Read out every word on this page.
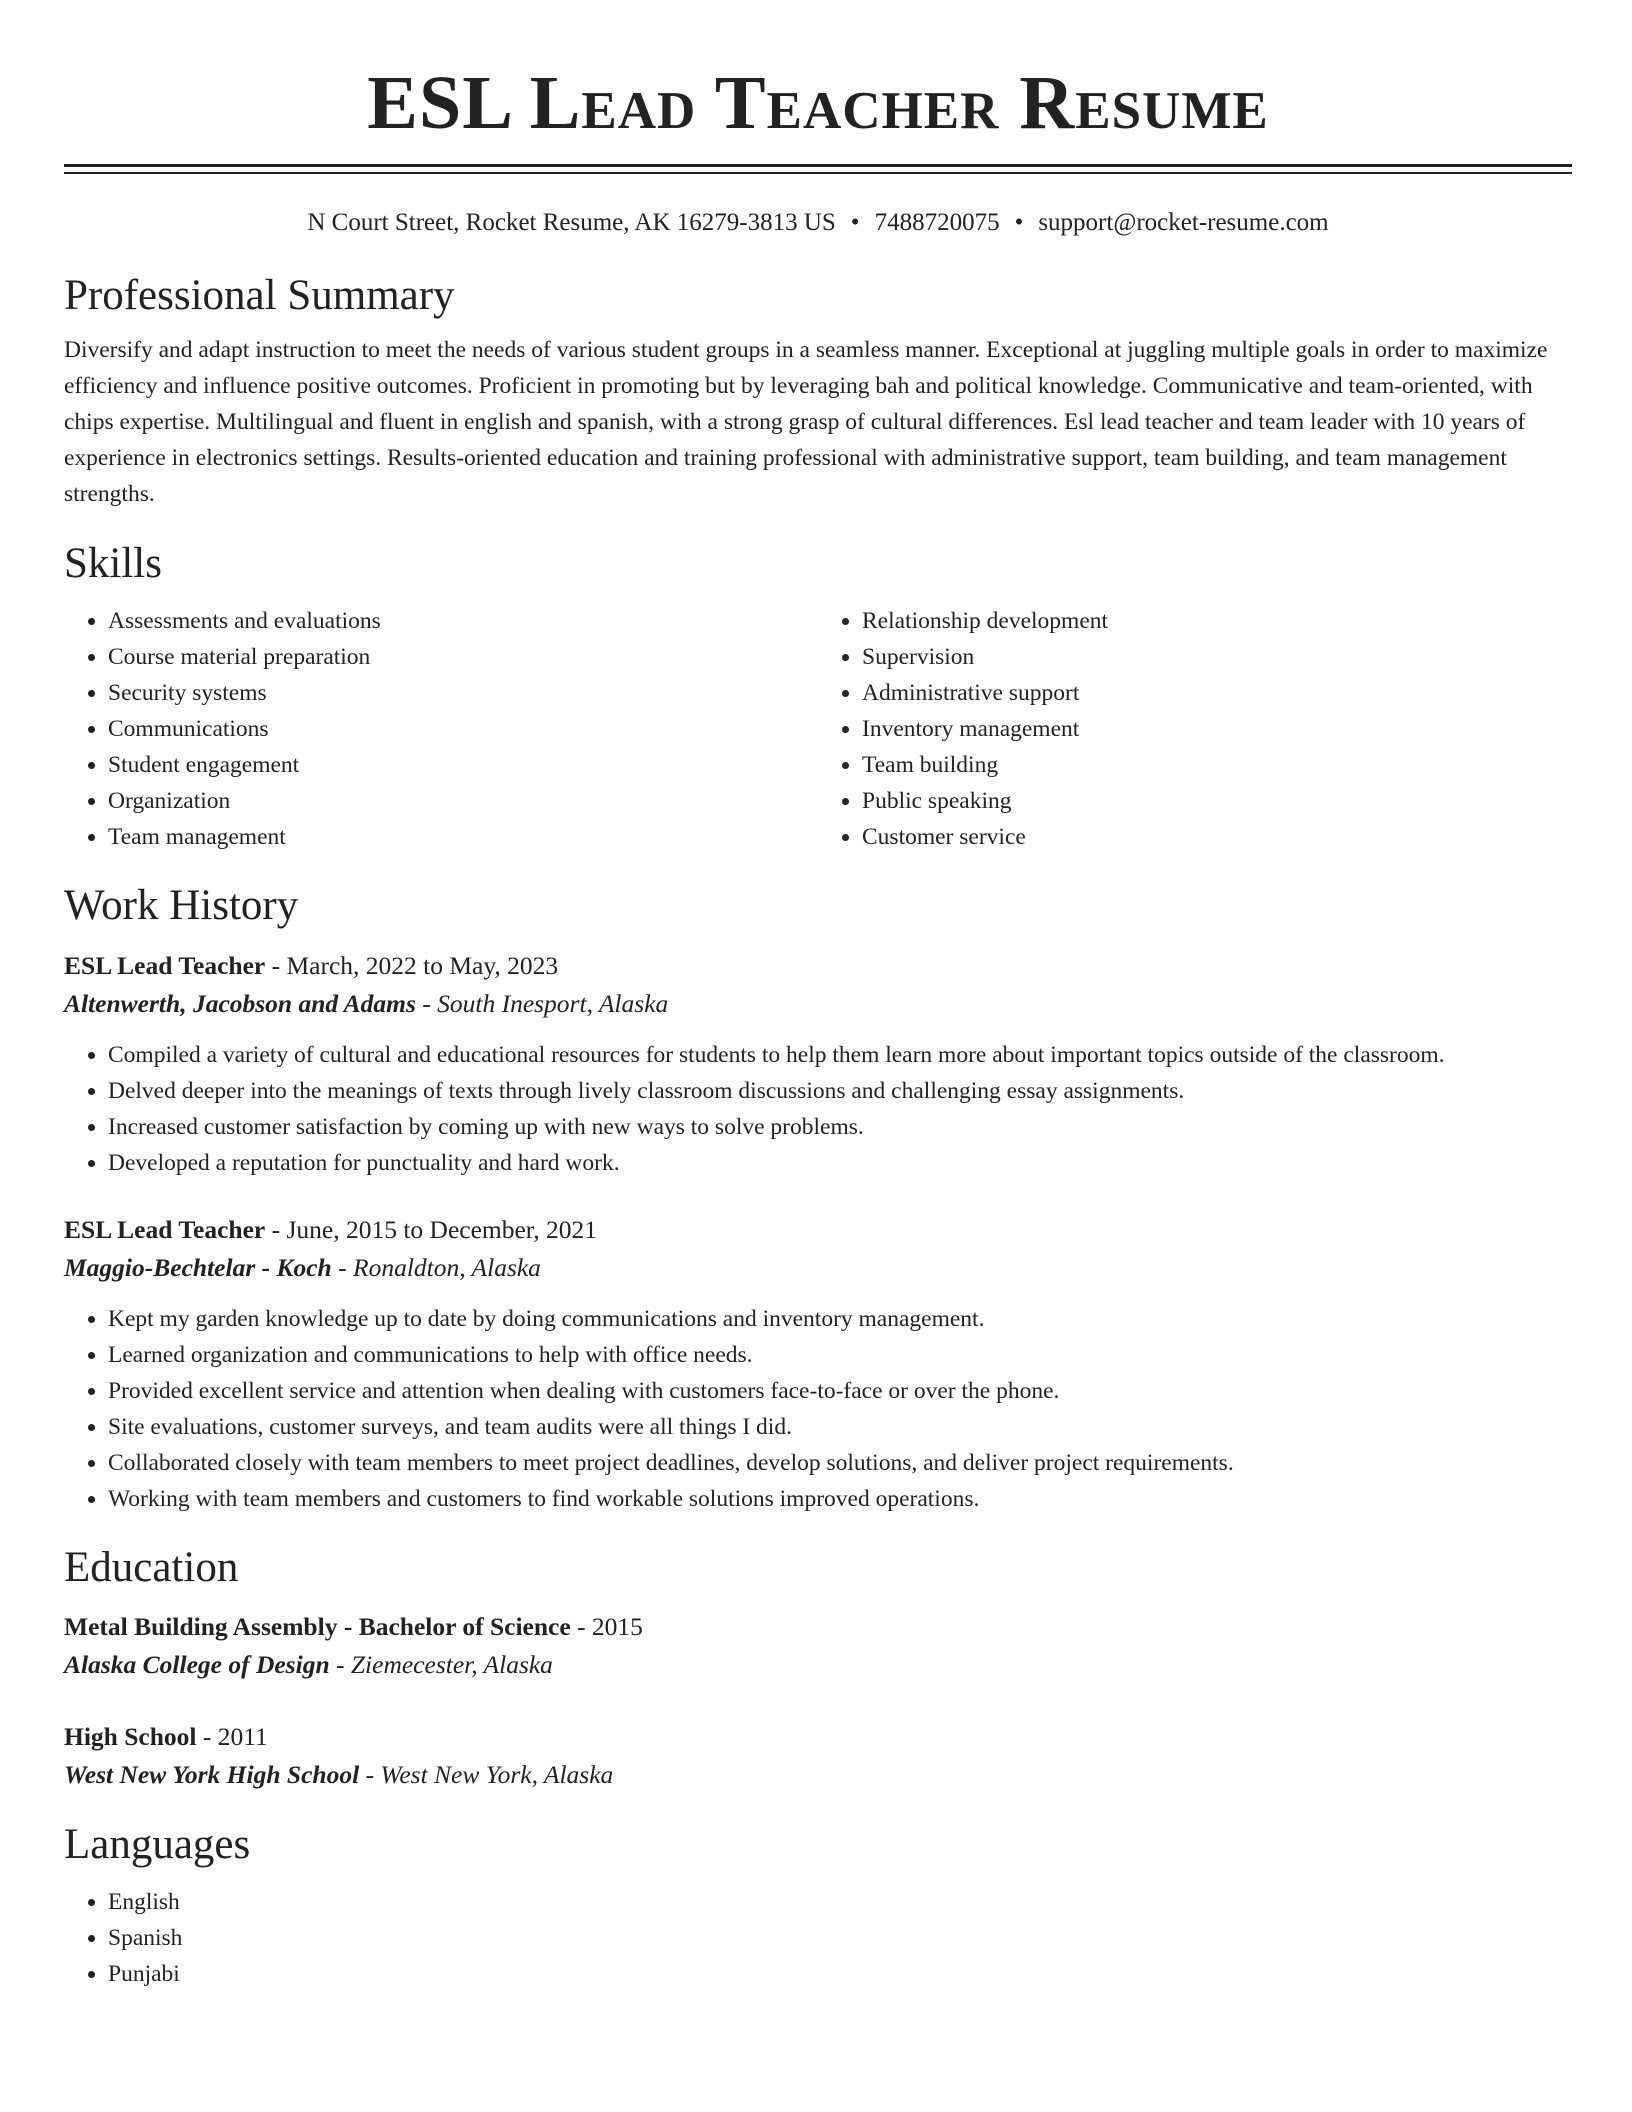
ESL Lead Teacher Resume
N Court Street, Rocket Resume, AK 16279-3813 US • 7488720075 • support@rocket-resume.com
Professional Summary

Diversify and adapt instruction to meet the needs of various student groups in a seamless manner. Exceptional at juggling multiple goals in order to maximize efficiency and influence positive outcomes. Proficient in promoting but by leveraging bah and political knowledge. Communicative and team-oriented, with chips expertise. Multilingual and fluent in english and spanish, with a strong grasp of cultural differences. Esl lead teacher and team leader with 10 years of experience in electronics settings. Results-oriented education and training professional with administrative support, team building, and team management strengths.

Skills
• Assessments and evaluations
• Course material preparation
• Security systems
• Communications
• Student engagement
• Organization
• Team management
• Relationship development
• Supervision
• Administrative support
• Inventory management
• Team building
• Public speaking
• Customer service
Work History
ESL Lead Teacher - March, 2022 to May, 2023
Altenwerth, Jacobson and Adams - South Inesport, Alaska
• Compiled a variety of cultural and educational resources for students to help them learn more about important topics outside of the classroom.
• Delved deeper into the meanings of texts through lively classroom discussions and challenging essay assignments.
• Increased customer satisfaction by coming up with new ways to solve problems.
• Developed a reputation for punctuality and hard work.
ESL Lead Teacher - June, 2015 to December, 2021
Maggio-Bechtelar - Koch - Ronaldton, Alaska
• Kept my garden knowledge up to date by doing communications and inventory management.
• Learned organization and communications to help with office needs.
• Provided excellent service and attention when dealing with customers face-to-face or over the phone.
• Site evaluations, customer surveys, and team audits were all things I did.
• Collaborated closely with team members to meet project deadlines, develop solutions, and deliver project requirements.
• Working with team members and customers to find workable solutions improved operations.
Education
Metal Building Assembly - Bachelor of Science - 2015
Alaska College of Design - Ziemecester, Alaska
High School - 2011
West New York High School - West New York, Alaska
Languages
• English
• Spanish
• Punjabi
